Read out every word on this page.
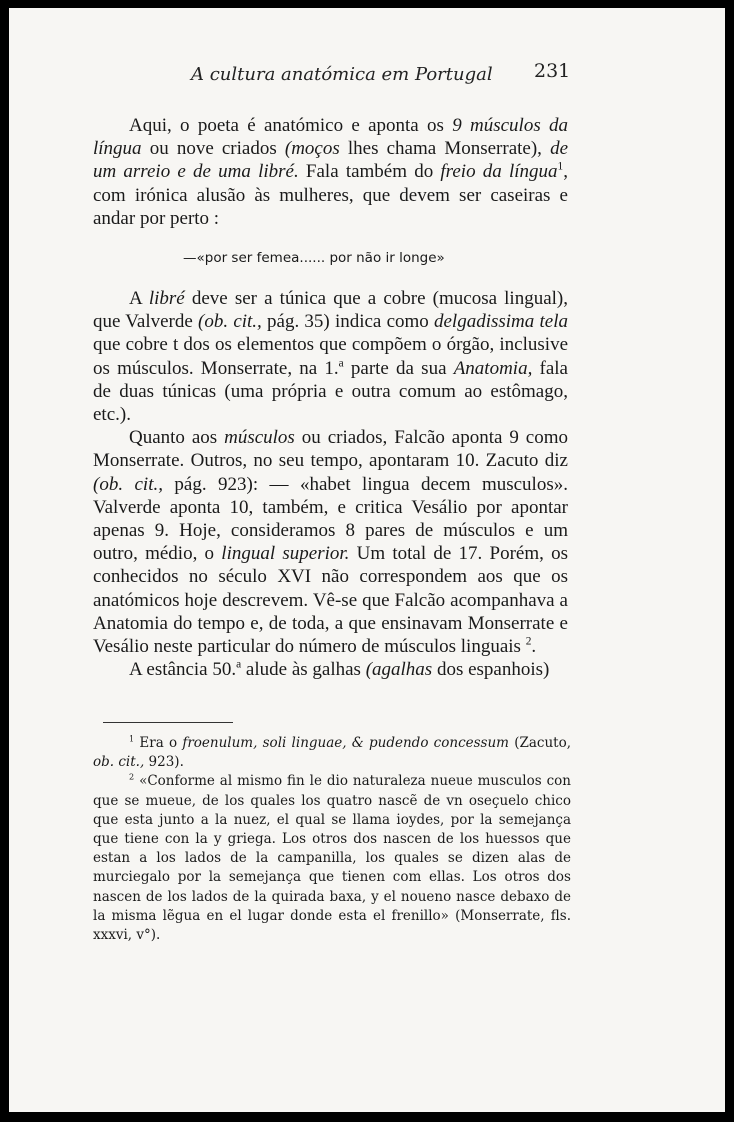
A cultura anatómica em Portugal 231

Aqui, o poeta é anatómico e aponta os 9 músculos da língua ou nove criados (moços lhes chama Monserrate), de um arreio e de uma libré. Fala também do freio da língua$^1$, com irónica alusão às mulheres, que devem ser caseiras e andar por perto :

—«por ser femea...... por não ir longe»

A libré deve ser a túnica que a cobre (mucosa lingual), que Valverde (ob. cit., pág. 35) indica como delgadissima tela que cobre t dos os elementos que compõem o órgão, inclusive os músculos. Monserrate, na 1.$^a$ parte da sua Anatomia, fala de duas túnicas (uma própria e outra comum ao estômago, etc.).

Quanto aos músculos ou criados, Falcão aponta 9 como Monserrate. Outros, no seu tempo, apontaram 10. Zacuto diz (ob. cit., pág. 923): — «habet lingua decem musculos». Valverde aponta 10, também, e critica Vesálio por apontar apenas 9. Hoje, consideramos 8 pares de músculos e um outro, médio, o lingual superior. Um total de 17. Porém, os conhecidos no século XVI não correspondem aos que os anatómicos hoje descrevem. Vê-se que Falcão acompanhava a Anatomia do tempo e, de toda, a que ensinavam Monserrate e Vesálio neste particular do número de músculos linguais $^2$.

A estância 50.$^a$ alude às galhas (agalhas dos espanhois)

$^1$ Era o froenulum, soli linguae, & pudendo concessum (Zacuto, ob. cit., 923).

$^2$ «Conforme al mismo fin le dio naturaleza nueue musculos con que se mueue, de los quales los quatro nascẽ de vn oseçuelo chico que esta junto a la nuez, el qual se llama ioydes, por la semejança que tiene con la y griega. Los otros dos nascen de los huessos que estan a los lados de la campanilla, los quales se dizen alas de murciegalo por la semejança que tienen com ellas. Los otros dos nascen de los lados de la quirada baxa, y el noueno nasce debaxo de la misma lẽgua en el lugar donde esta el frenillo» (Monserrate, fls. xxxvi, v°).
